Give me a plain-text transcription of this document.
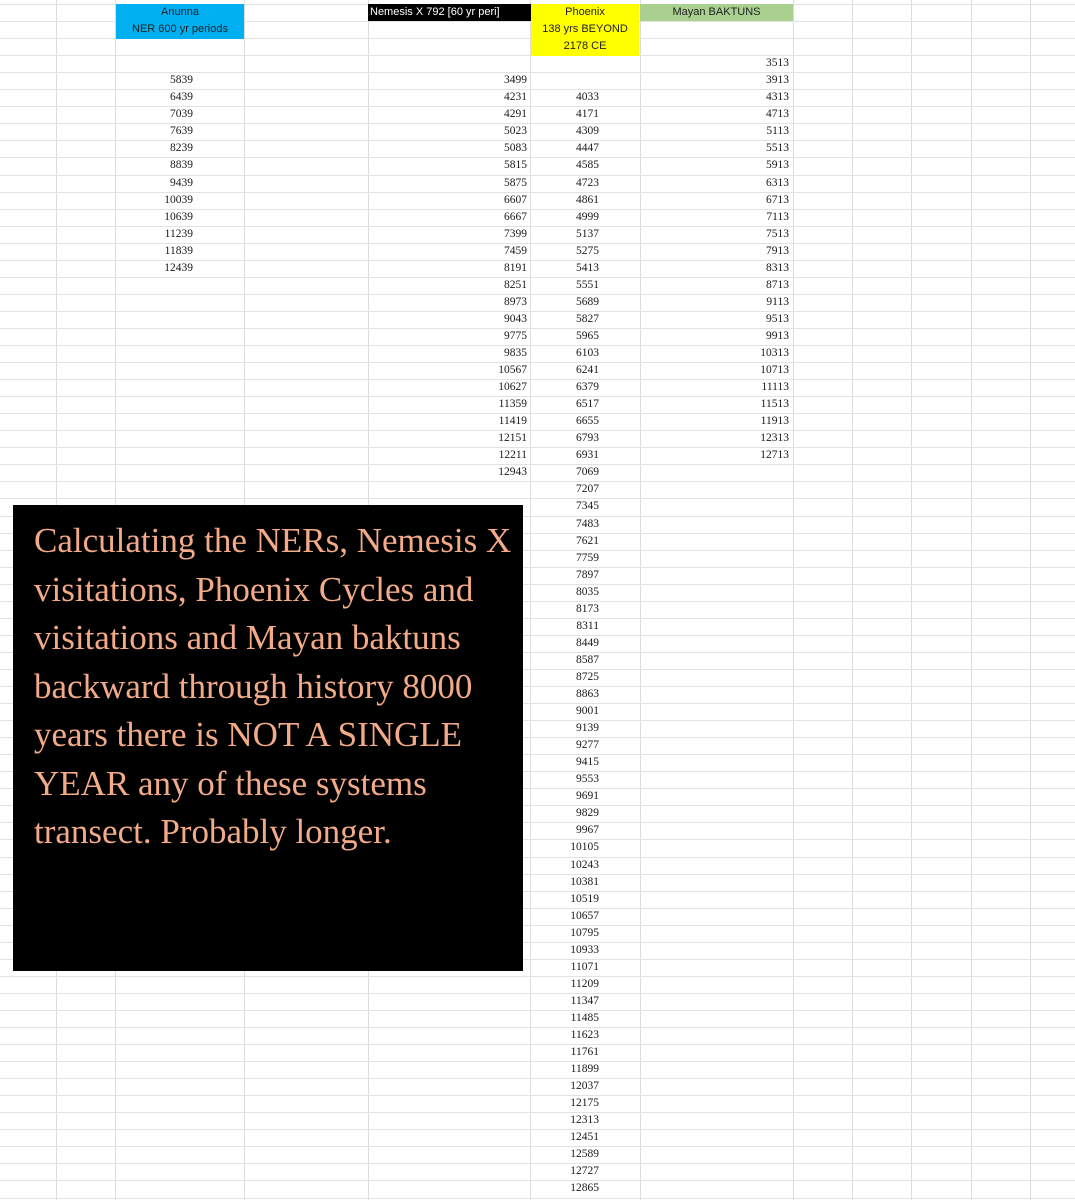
Anunna
NER 600 yr periods
Nemesis X 792 [60 yr peri]	Phoenix
138 yrs BEYOND
2178 CE
Mayan BAKTUNS
5839
6439
7039
7639
8239
8839
9439
10039
10639
11239
11839
12439
3499
4231
4291
5023
5083
5815
5875
6607
6667
7399
7459
8191
8251
8973
9043
9775
9835
10567
10627
11359
11419
12151
12211
12943
4033
4171
4309
4447
4585
4723
4861
4999
5137
5275
5413
5551
5689
5827
5965
6103
6241
6379
6517
6655
6793
6931
7069
7207
7345
7483
7621
7759
7897
8035
8173
8311
8449
8587
8725
8863
9001
9139
9277
9415
9553
9691
9829
9967
10105
10243
10381
10519
10657
10795
10933
11071
11209
11347
11485
11623
11761
11899
12037
12175
12313
12451
12589
12727
12865
3513
3913
4313
4713
5113
5513
5913
6313
6713
7113
7513
7913
8313
8713
9113
9513
9913
10313
10713
11113
11513
11913
12313
12713

Calculating the NERs, Nemesis X visitations, Phoenix Cycles and visitations and Mayan baktuns backward through history 8000 years there is NOT A SINGLE YEAR any of these systems transect. Probably longer.
